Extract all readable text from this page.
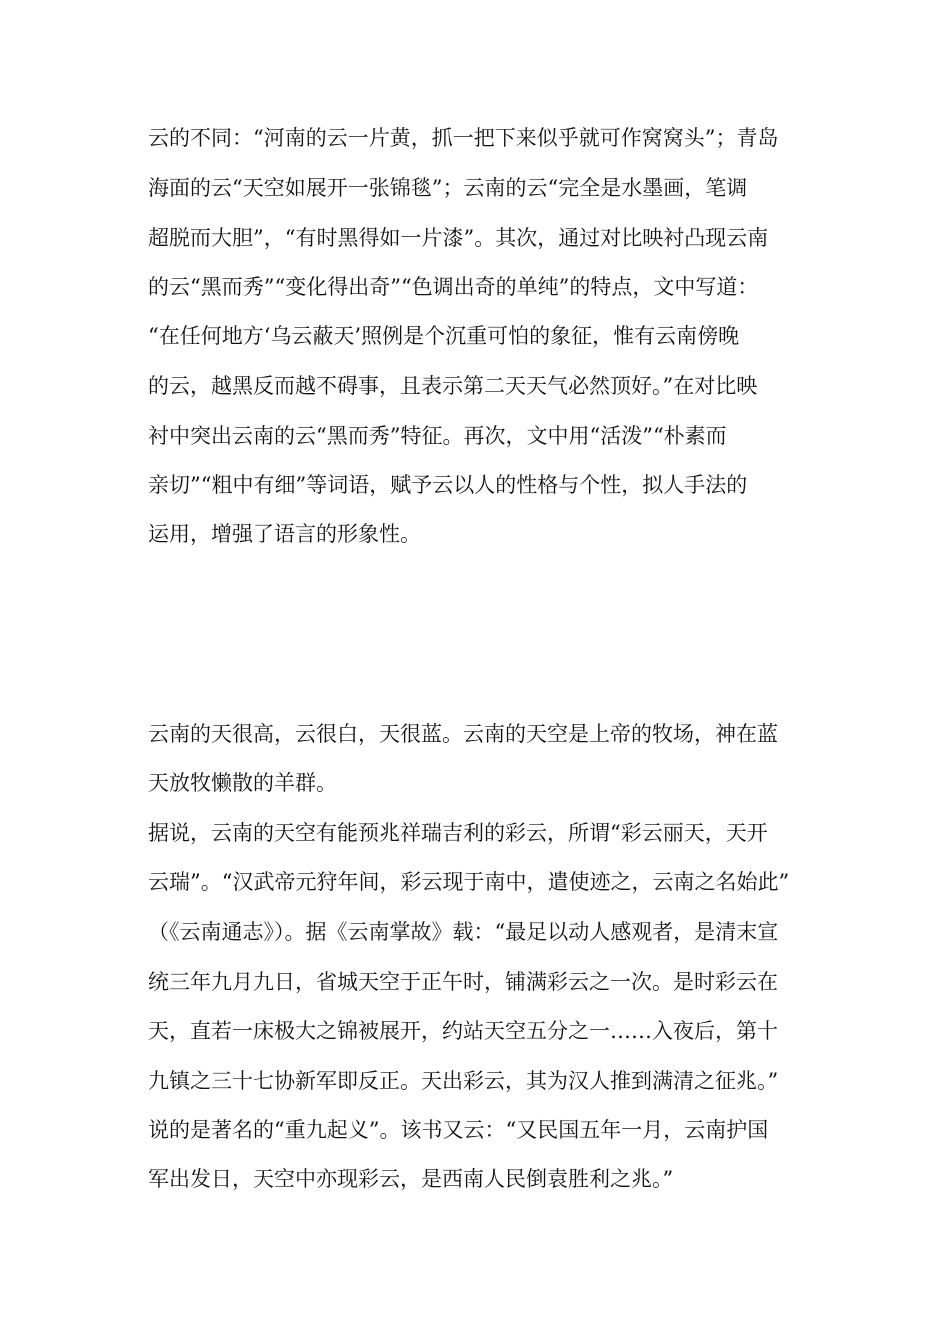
云的不同：“河南的云一片黄，抓一把下来似乎就可作窝窝头”；青岛
海面的云“天空如展开一张锦毯”；云南的云“完全是水墨画，笔调
超脱而大胆”，“有时黑得如一片漆”。其次，通过对比映衬凸现云南
的云“黑而秀”“变化得出奇”“色调出奇的单纯”的特点，文中写道：
“在任何地方‘乌云蔽天’照例是个沉重可怕的象征，惟有云南傍晚
的云，越黑反而越不碍事，且表示第二天天气必然顶好。”在对比映
衬中突出云南的云“黑而秀”特征。再次，文中用“活泼”“朴素而
亲切”“粗中有细”等词语，赋予云以人的性格与个性，拟人手法的
运用，增强了语言的形象性。
云南的天很高，云很白，天很蓝。云南的天空是上帝的牧场，神在蓝
天放牧懒散的羊群。
据说，云南的天空有能预兆祥瑞吉利的彩云，所谓“彩云丽天，天开
云瑞”。“汉武帝元狩年间，彩云现于南中，遣使迹之，云南之名始此”
（《云南通志》）。据《云南掌故》载：“最足以动人感观者，是清末宣
统三年九月九日，省城天空于正午时，铺满彩云之一次。是时彩云在
天，直若一床极大之锦被展开，约站天空五分之一……入夜后，第十
九镇之三十七协新军即反正。天出彩云，其为汉人推到满清之征兆。”
说的是著名的“重九起义”。该书又云：“又民国五年一月，云南护国
军出发日，天空中亦现彩云，是西南人民倒袁胜利之兆。”
